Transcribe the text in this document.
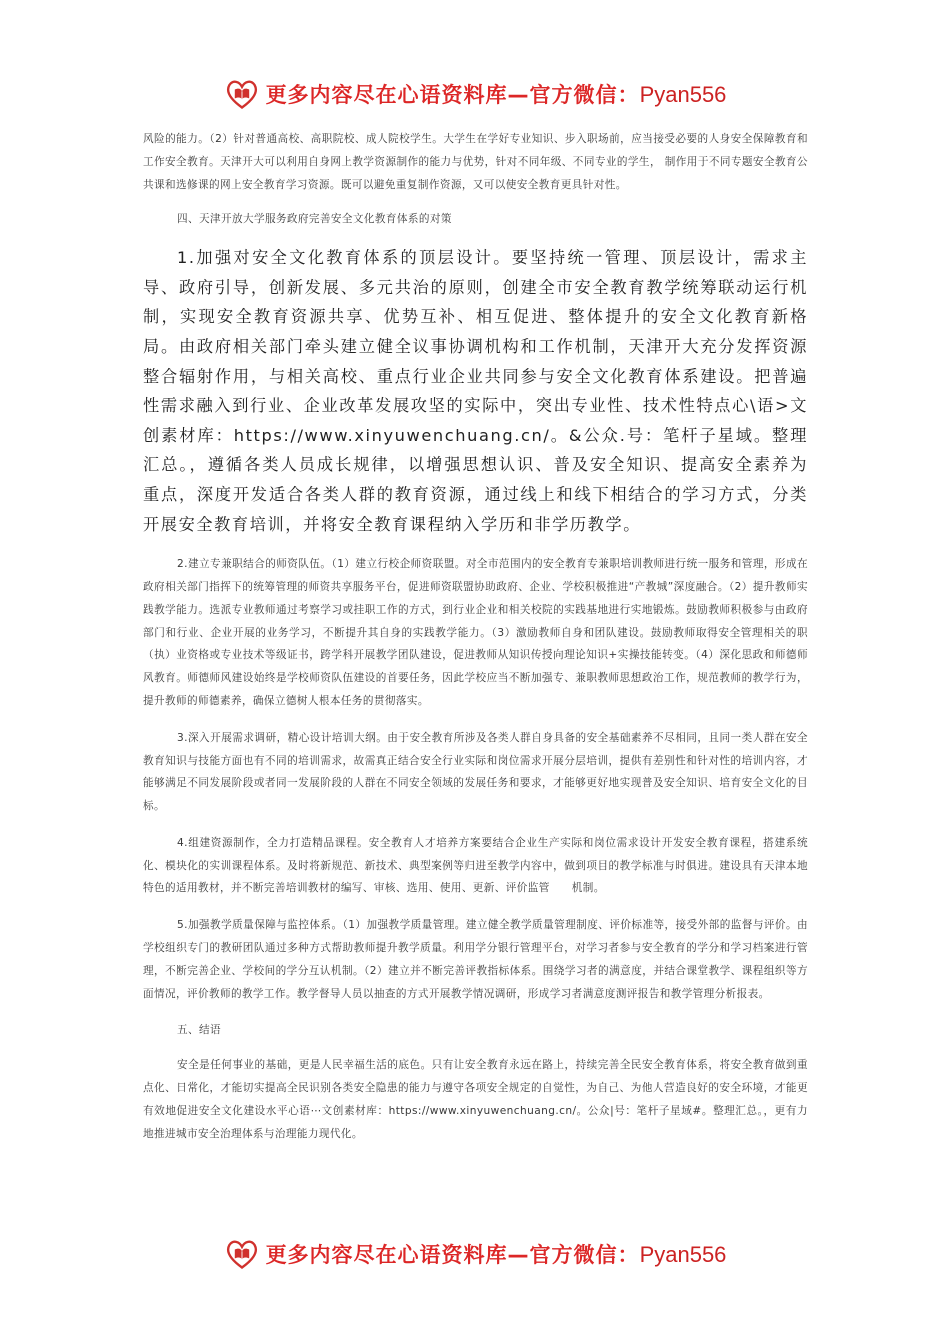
更多内容尽在心语资料库—官方微信：Pyan556

风险的能力。（2）针对普通高校、高职院校、成人院校学生。大学生在学好专业知识、步入职场前，应当接受必要的人身安全保障教育和工作安全教育。天津开大可以利用自身网上教学资源制作的能力与优势，针对不同年级、不同专业的学生， 制作用于不同专题安全教育公共课和选修课的网上安全教育学习资源。既可以避免重复制作资源，又可以使安全教育更具针对性。

四、天津开放大学服务政府完善安全文化教育体系的对策

1.加强对安全文化教育体系的顶层设计。要坚持统一管理、顶层设计，需求主导、政府引导，创新发展、多元共治的原则，创建全市安全教育教学统筹联动运行机制，实现安全教育资源共享、优势互补、相互促进、整体提升的安全文化教育新格局。由政府相关部门牵头建立健全议事协调机构和工作机制，天津开大充分发挥资源整合辐射作用，与相关高校、重点行业企业共同参与安全文化教育体系建设。把普遍性需求融入到行业、企业改革发展攻坚的实际中，突出专业性、技术性特点心\语>文创素材库：https://www.xinyuwenchuang.cn/。&公众.号：笔杆子星域。整理汇总。，遵循各类人员成长规律，以增强思想认识、普及安全知识、提高安全素养为重点，深度开发适合各类人群的教育资源，通过线上和线下相结合的学习方式，分类开展安全教育培训，并将安全教育课程纳入学历和非学历教学。

2.建立专兼职结合的师资队伍。（1）建立行校企师资联盟。对全市范围内的安全教育专兼职培训教师进行统一服务和管理，形成在政府相关部门指挥下的统筹管理的师资共享服务平台，促进师资联盟协助政府、企业、学校积极推进“产教城”深度融合。（2）提升教师实践教学能力。选派专业教师通过考察学习或挂职工作的方式，到行业企业和相关校院的实践基地进行实地锻炼。鼓励教师积极参与由政府部门和行业、企业开展的业务学习，不断提升其自身的实践教学能力。（3）激励教师自身和团队建设。鼓励教师取得安全管理相关的职（执）业资格或专业技术等级证书，跨学科开展教学团队建设，促进教师从知识传授向理论知识+实操技能转变。（4）深化思政和师德师风教育。师德师风建设始终是学校师资队伍建设的首要任务，因此学校应当不断加强专、兼职教师思想政治工作，规范教师的教学行为，提升教师的师德素养，确保立德树人根本任务的贯彻落实。

3.深入开展需求调研，精心设计培训大纲。由于安全教育所涉及各类人群自身具备的安全基础素养不尽相同，且同一类人群在安全教育知识与技能方面也有不同的培训需求，故需真正结合安全行业实际和岗位需求开展分层培训，提供有差别性和针对性的培训内容，才能够满足不同发展阶段或者同一发展阶段的人群在不同安全领域的发展任务和要求，才能够更好地实现普及安全知识、培育安全文化的目标。

4.组建资源制作，全力打造精品课程。安全教育人才培养方案要结合企业生产实际和岗位需求设计开发安全教育课程，搭建系统化、模块化的实训课程体系。及时将新规范、新技术、典型案例等归进至教学内容中，做到项目的教学标准与时俱进。建设具有天津本地特色的适用教材，并不断完善培训教材的编写、审核、选用、使用、更新、评价监管　　机制。

5.加强教学质量保障与监控体系。（1）加强教学质量管理。建立健全教学质量管理制度、评价标准等，接受外部的监督与评价。由学校组织专门的教研团队通过多种方式帮助教师提升教学质量。利用学分银行管理平台，对学习者参与安全教育的学分和学习档案进行管理，不断完善企业、学校间的学分互认机制。（2）建立并不断完善评教指标体系。围绕学习者的满意度，并结合课堂教学、课程组织等方面情况，评价教师的教学工作。教学督导人员以抽查的方式开展教学情况调研，形成学习者满意度测评报告和教学管理分析报表。

五、结语

安全是任何事业的基础，更是人民幸福生活的底色。只有让安全教育永远在路上，持续完善全民安全教育体系，将安全教育做到重点化、日常化，才能切实提高全民识别各类安全隐患的能力与遵守各项安全规定的自觉性，为自己、为他人营造良好的安全环境，才能更有效地促进安全文化建设水平心语⋯文创素材库：https://www.xinyuwenchuang.cn/。公众|号：笔杆子星域#。整理汇总。，更有力地推进城市安全治理体系与治理能力现代化。

更多内容尽在心语资料库—官方微信：Pyan556
